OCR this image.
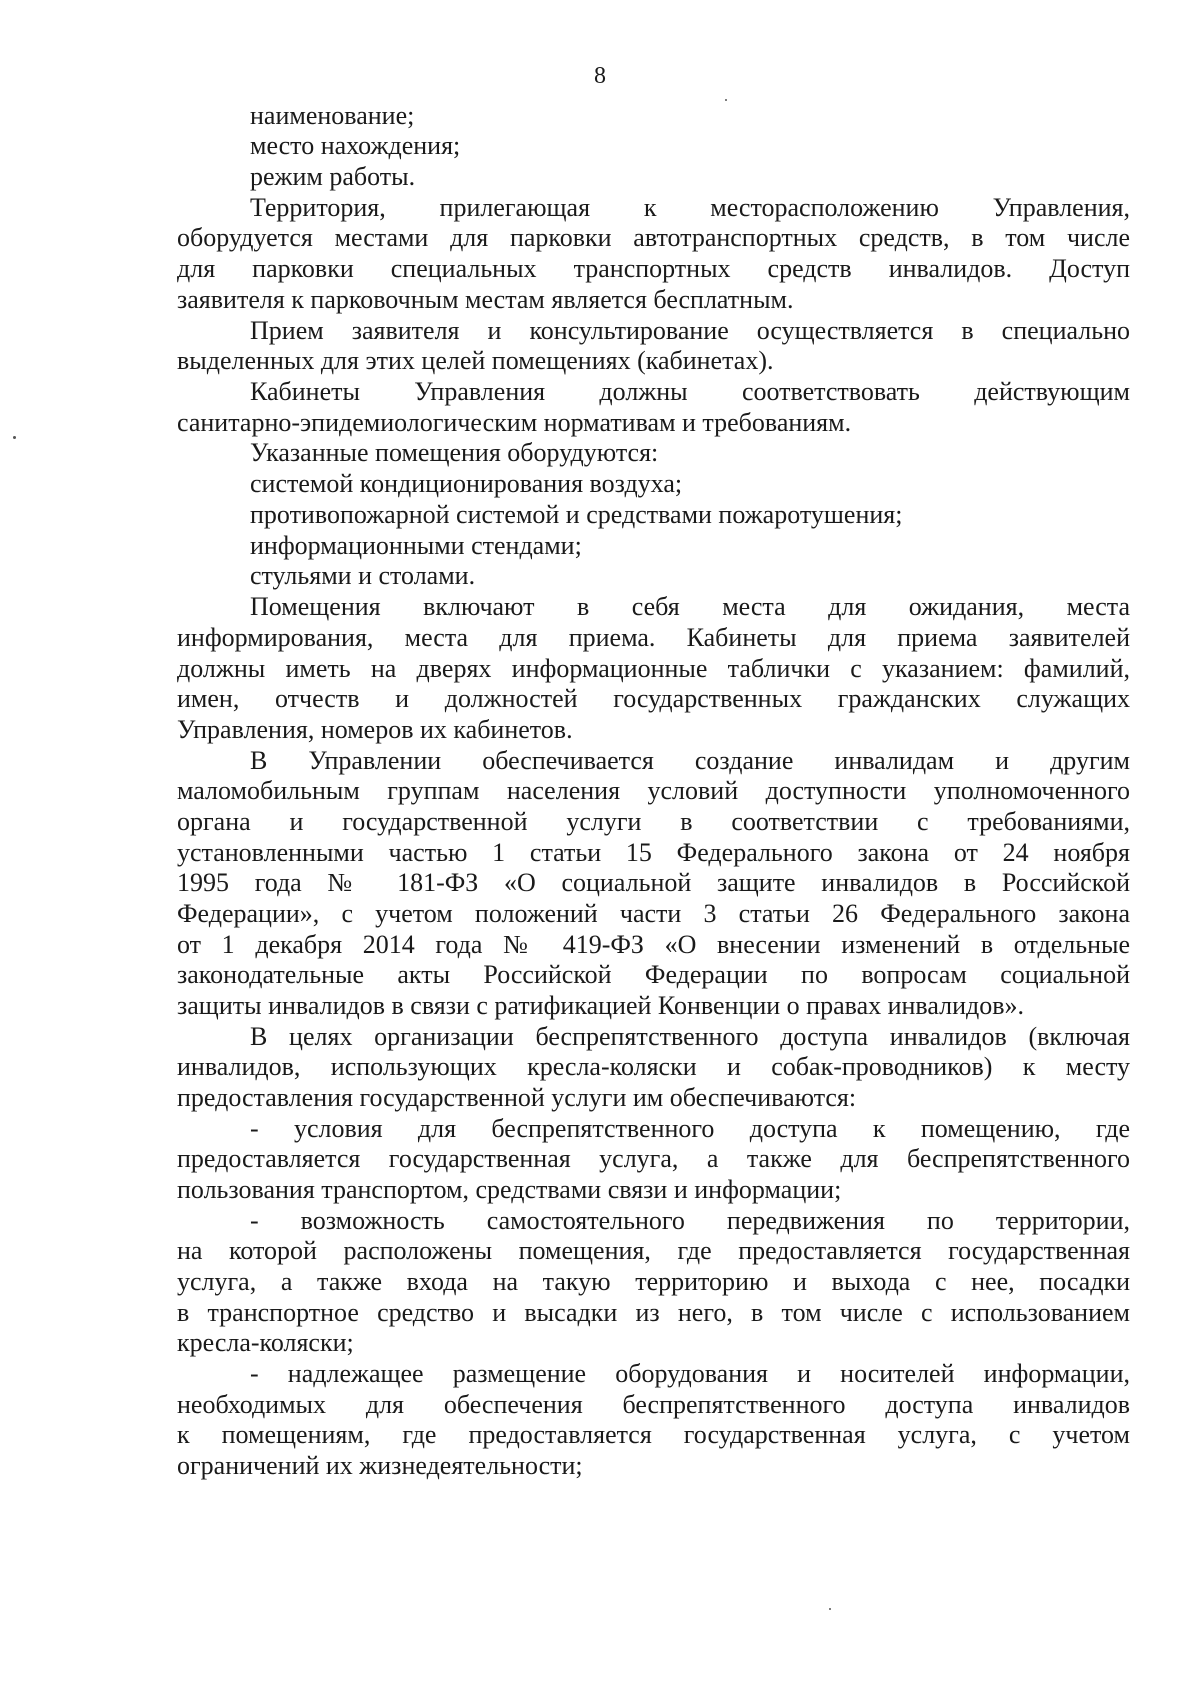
8
наименование;
место нахождения;
режим работы.
Территория, прилегающая к месторасположению Управления,
оборудуется местами для парковки автотранспортных средств, в том числе
для парковки специальных транспортных средств инвалидов. Доступ
заявителя к парковочным местам является бесплатным.
Прием заявителя и консультирование осуществляется в специально
выделенных для этих целей помещениях (кабинетах).
Кабинеты Управления должны соответствовать действующим
санитарно-эпидемиологическим нормативам и требованиям.
Указанные помещения оборудуются:
системой кондиционирования воздуха;
противопожарной системой и средствами пожаротушения;
информационными стендами;
стульями и столами.
Помещения включают в себя места для ожидания, места
информирования, места для приема. Кабинеты для приема заявителей
должны иметь на дверях информационные таблички с указанием: фамилий,
имен, отчеств и должностей государственных гражданских служащих
Управления, номеров их кабинетов.
В Управлении обеспечивается создание инвалидам и другим
маломобильным группам населения условий доступности уполномоченного
органа и государственной услуги в соответствии с требованиями,
установленными частью 1 статьи 15 Федерального закона от 24 ноября
1995 года № 181-ФЗ «О социальной защите инвалидов в Российской
Федерации», с учетом положений части 3 статьи 26 Федерального закона
от 1 декабря 2014 года № 419-ФЗ «О внесении изменений в отдельные
законодательные акты Российской Федерации по вопросам социальной
защиты инвалидов в связи с ратификацией Конвенции о правах инвалидов».
В целях организации беспрепятственного доступа инвалидов (включая
инвалидов, использующих кресла-коляски и собак-проводников) к месту
предоставления государственной услуги им обеспечиваются:
- условия для беспрепятственного доступа к помещению, где
предоставляется государственная услуга, а также для беспрепятственного
пользования транспортом, средствами связи и информации;
- возможность самостоятельного передвижения по территории,
на которой расположены помещения, где предоставляется государственная
услуга, а также входа на такую территорию и выхода с нее, посадки
в транспортное средство и высадки из него, в том числе с использованием
кресла-коляски;
- надлежащее размещение оборудования и носителей информации,
необходимых для обеспечения беспрепятственного доступа инвалидов
к помещениям, где предоставляется государственная услуга, с учетом
ограничений их жизнедеятельности;
